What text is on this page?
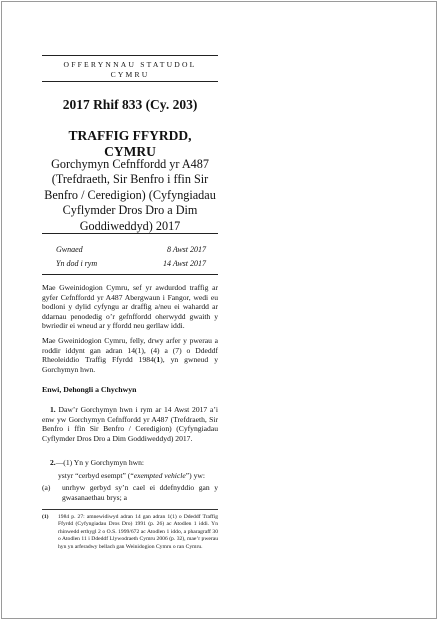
OFFERYNNAU STATUDOL
CYMRU
2017 Rhif 833 (Cy. 203)
TRAFFIG FFYRDD, CYMRU
Gorchymyn Cefnffordd yr A487 (Trefdraeth, Sir Benfro i ffin Sir Benfro / Ceredigion) (Cyfyngiadau Cyflymder Dros Dro a Dim Goddiweddyd) 2017
Gwnaed	8 Awst 2017
Yn dod i rym	14 Awst 2017
Mae Gweinidogion Cymru, sef yr awdurdod traffig ar gyfer Cefnffordd yr A487 Abergwaun i Fangor, wedi eu bodloni y dylid cyfyngu ar draffig a/neu ei wahardd ar ddarnau penodedig o’r gefnffordd oherwydd gwaith y bwriedir ei wneud ar y ffordd neu gerllaw iddi.
Mae Gweinidogion Cymru, felly, drwy arfer y pwerau a roddir iddynt gan adran 14(1), (4) a (7) o Ddeddf Rheoleiddio Traffig Ffyrdd 1984(1), yn gwneud y Gorchymyn hwn.
Enwi, Dehongli a Chychwyn
1. Daw’r Gorchymyn hwn i rym ar 14 Awst 2017 a’i enw yw Gorchymyn Cefnffordd yr A487 (Trefdraeth, Sir Benfro i ffin Sir Benfro / Ceredigion) (Cyfyngiadau Cyflymder Dros Dro a Dim Goddiweddyd) 2017.
2.—(1) Yn y Gorchymyn hwn:
ystyr “cerbyd esempt” (“exempted vehicle”) yw:
(a) unrhyw gerbyd sy’n cael ei ddefnyddio gan y gwasanaethau brys; a
(1) 1984 p. 27: amnewidiwyd adran 14 gan adran 1(1) o Ddeddf Traffig Ffyrdd (Cyfyngiadau Dros Dro) 1991 (p. 26) ac Atodlen 1 iddi. Yn rhinwedd erthygl 2 o O.S. 1999/672 ac Atodlen 1 iddo, a pharagraff 30 o Atodlen 11 i Ddeddf Llywodraeth Cymru 2006 (p. 32), mae’r pwerau hyn yn arferadwy bellach gan Weinidogion Cymru o ran Cymru.
